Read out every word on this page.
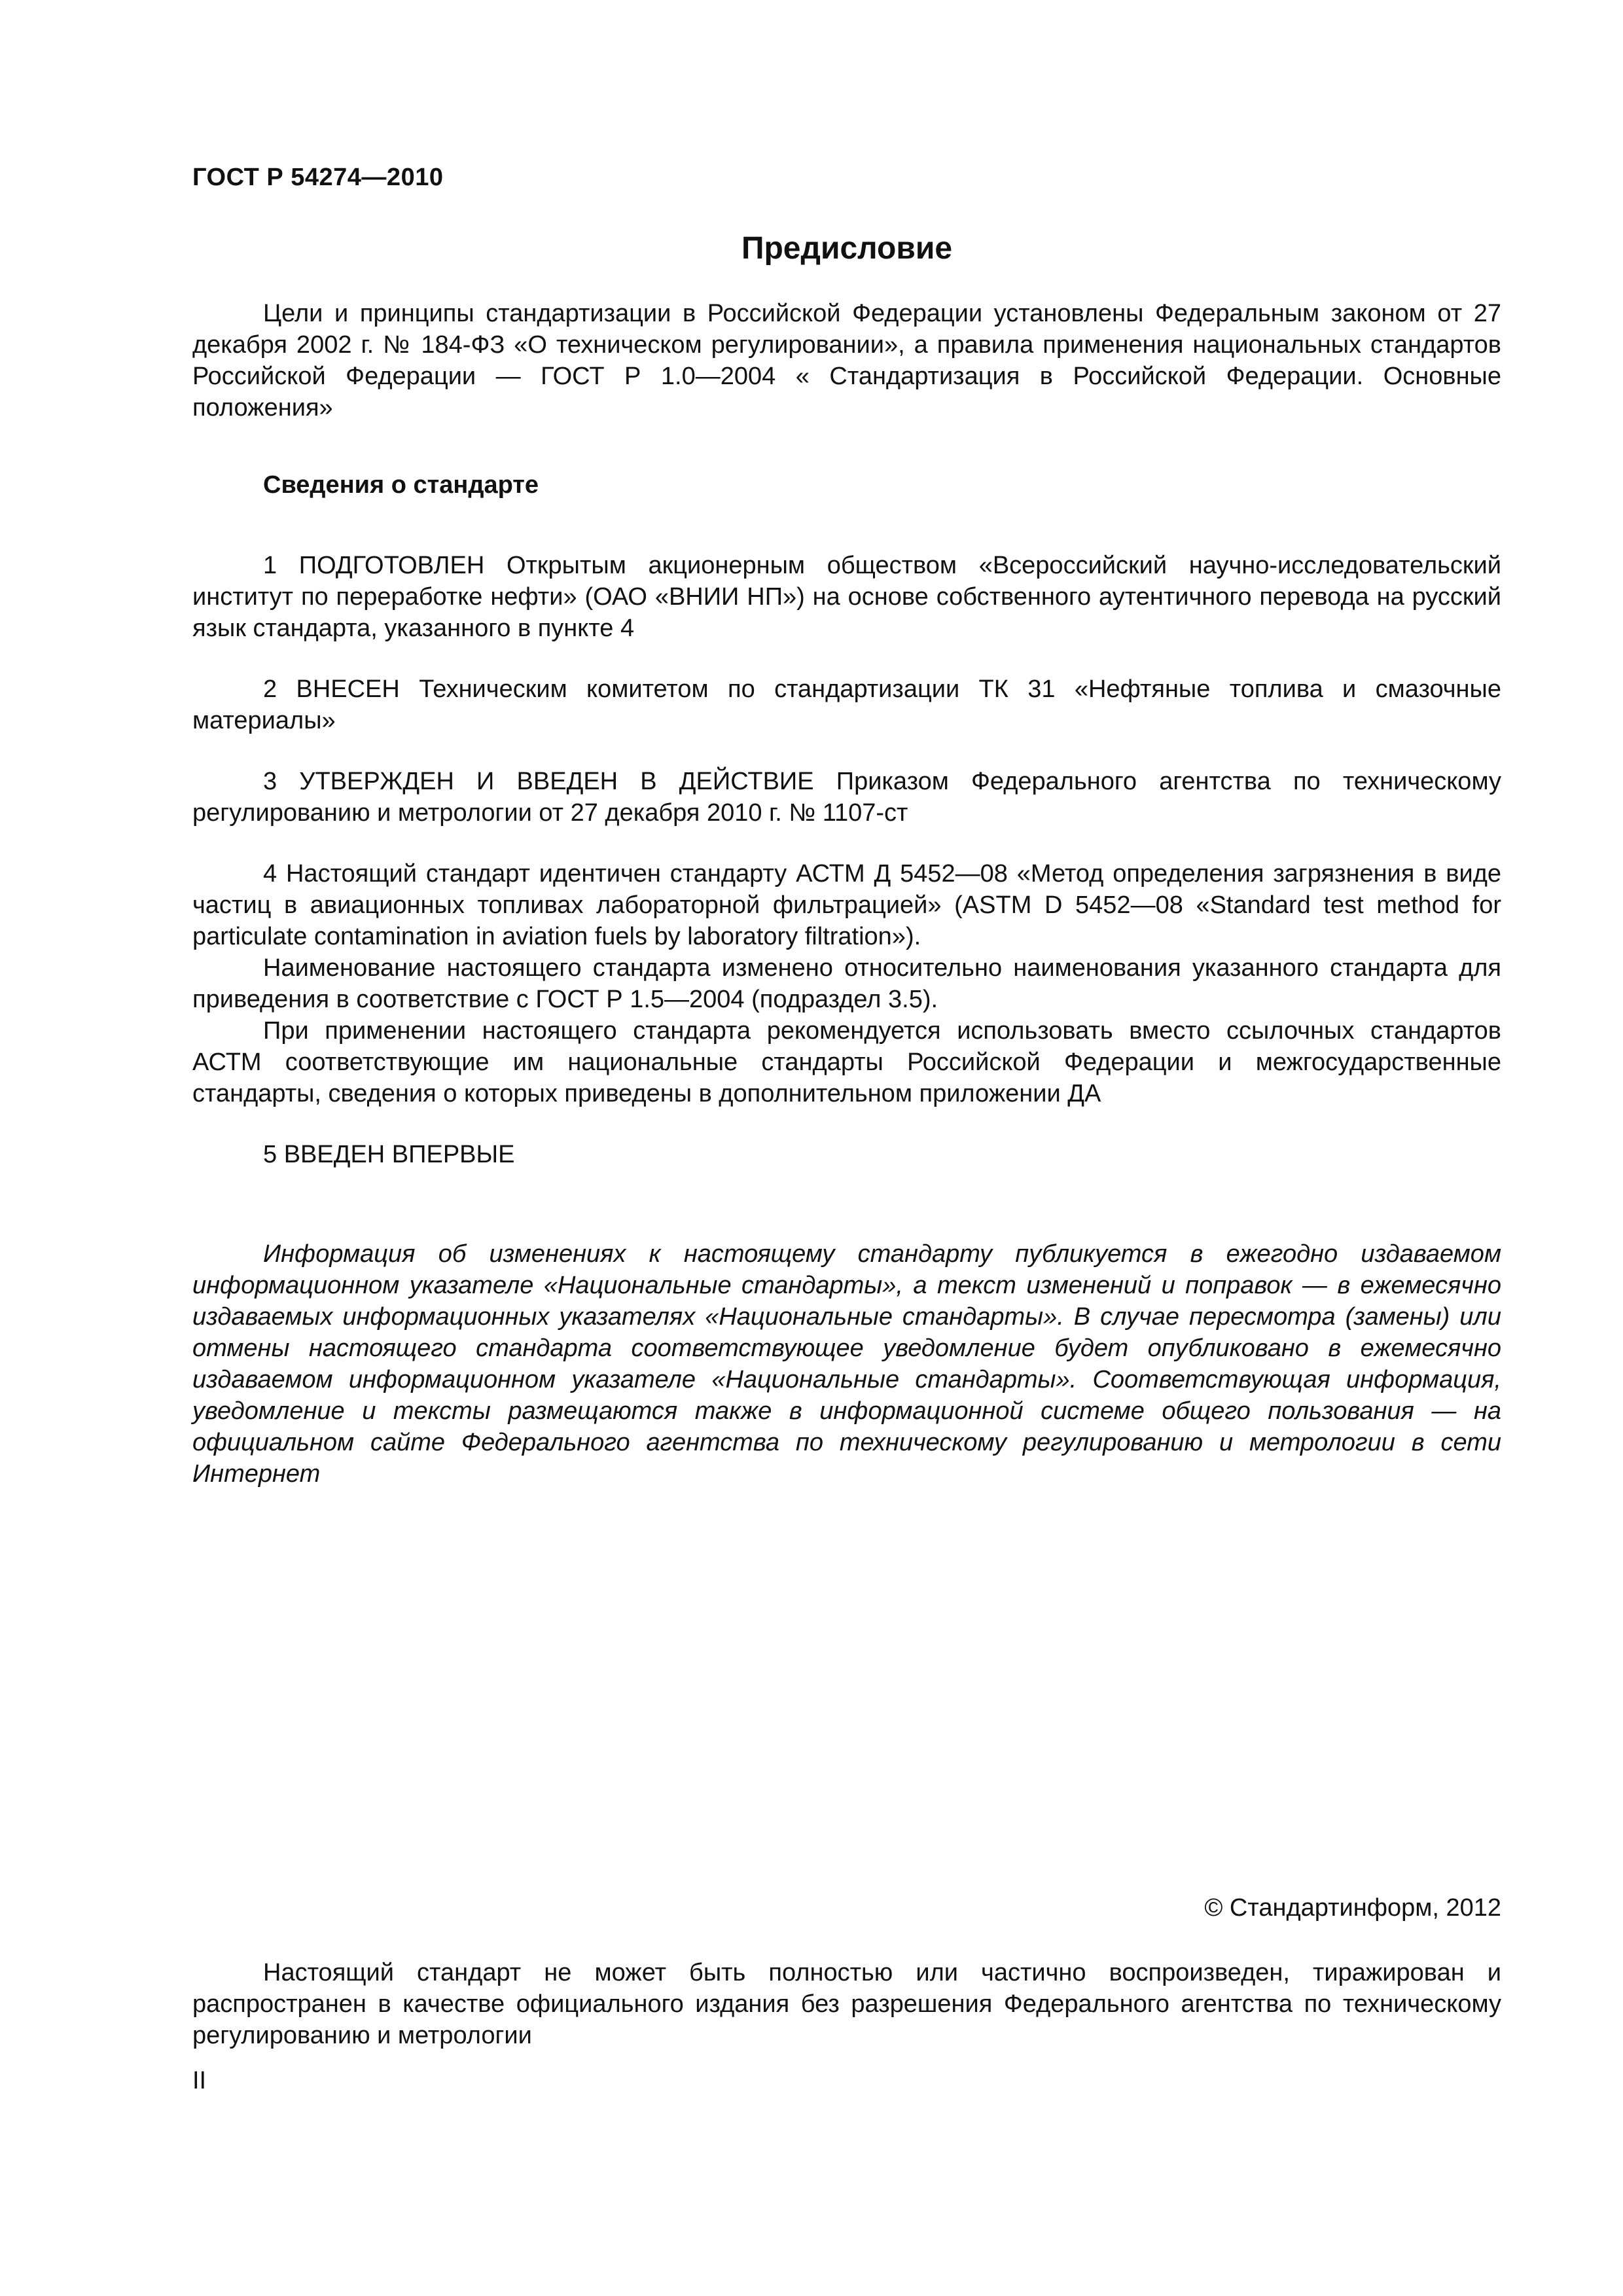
ГОСТ Р 54274—2010
Предисловие

Цели и принципы стандартизации в Российской Федерации установлены Федеральным законом от 27 декабря 2002 г. № 184-ФЗ «О техническом регулировании», а правила применения национальных стандартов Российской Федерации — ГОСТ Р 1.0—2004 « Стандартизация в Российской Федерации. Основные положения»

Сведения о стандарте

1 ПОДГОТОВЛЕН Открытым акционерным обществом «Всероссийский научно-исследовательский институт по переработке нефти» (ОАО «ВНИИ НП») на основе собственного аутентичного перевода на русский язык стандарта, указанного в пункте 4

2 ВНЕСЕН Техническим комитетом по стандартизации ТК 31 «Нефтяные топлива и смазочные материалы»

3 УТВЕРЖДЕН И ВВЕДЕН В ДЕЙСТВИЕ Приказом Федерального агентства по техническому регулированию и метрологии от 27 декабря 2010 г. № 1107-ст

4 Настоящий стандарт идентичен стандарту АСТМ Д 5452—08 «Метод определения загрязнения в виде частиц в авиационных топливах лабораторной фильтрацией» (ASTM D 5452—08 «Standard test method for particulate contamination in aviation fuels by laboratory filtration»).

Наименование настоящего стандарта изменено относительно наименования указанного стандарта для приведения в соответствие с ГОСТ Р 1.5—2004 (подраздел 3.5).

При применении настоящего стандарта рекомендуется использовать вместо ссылочных стандартов АСТМ соответствующие им национальные стандарты Российской Федерации и межгосударственные стандарты, сведения о которых приведены в дополнительном приложении ДА

5 ВВЕДЕН ВПЕРВЫЕ

Информация об изменениях к настоящему стандарту публикуется в ежегодно издаваемом информационном указателе «Национальные стандарты», а текст изменений и поправок — в ежемесячно издаваемых информационных указателях «Национальные стандарты». В случае пересмотра (замены) или отмены настоящего стандарта соответствующее уведомление будет опубликовано в ежемесячно издаваемом информационном указателе «Национальные стандарты». Соответствующая информация, уведомление и тексты размещаются также в информационной системе общего пользования — на официальном сайте Федерального агентства по техническому регулированию и метрологии в сети Интернет

© Стандартинформ, 2012

Настоящий стандарт не может быть полностью или частично воспроизведен, тиражирован и распространен в качестве официального издания без разрешения Федерального агентства по техническому регулированию и метрологии

II
